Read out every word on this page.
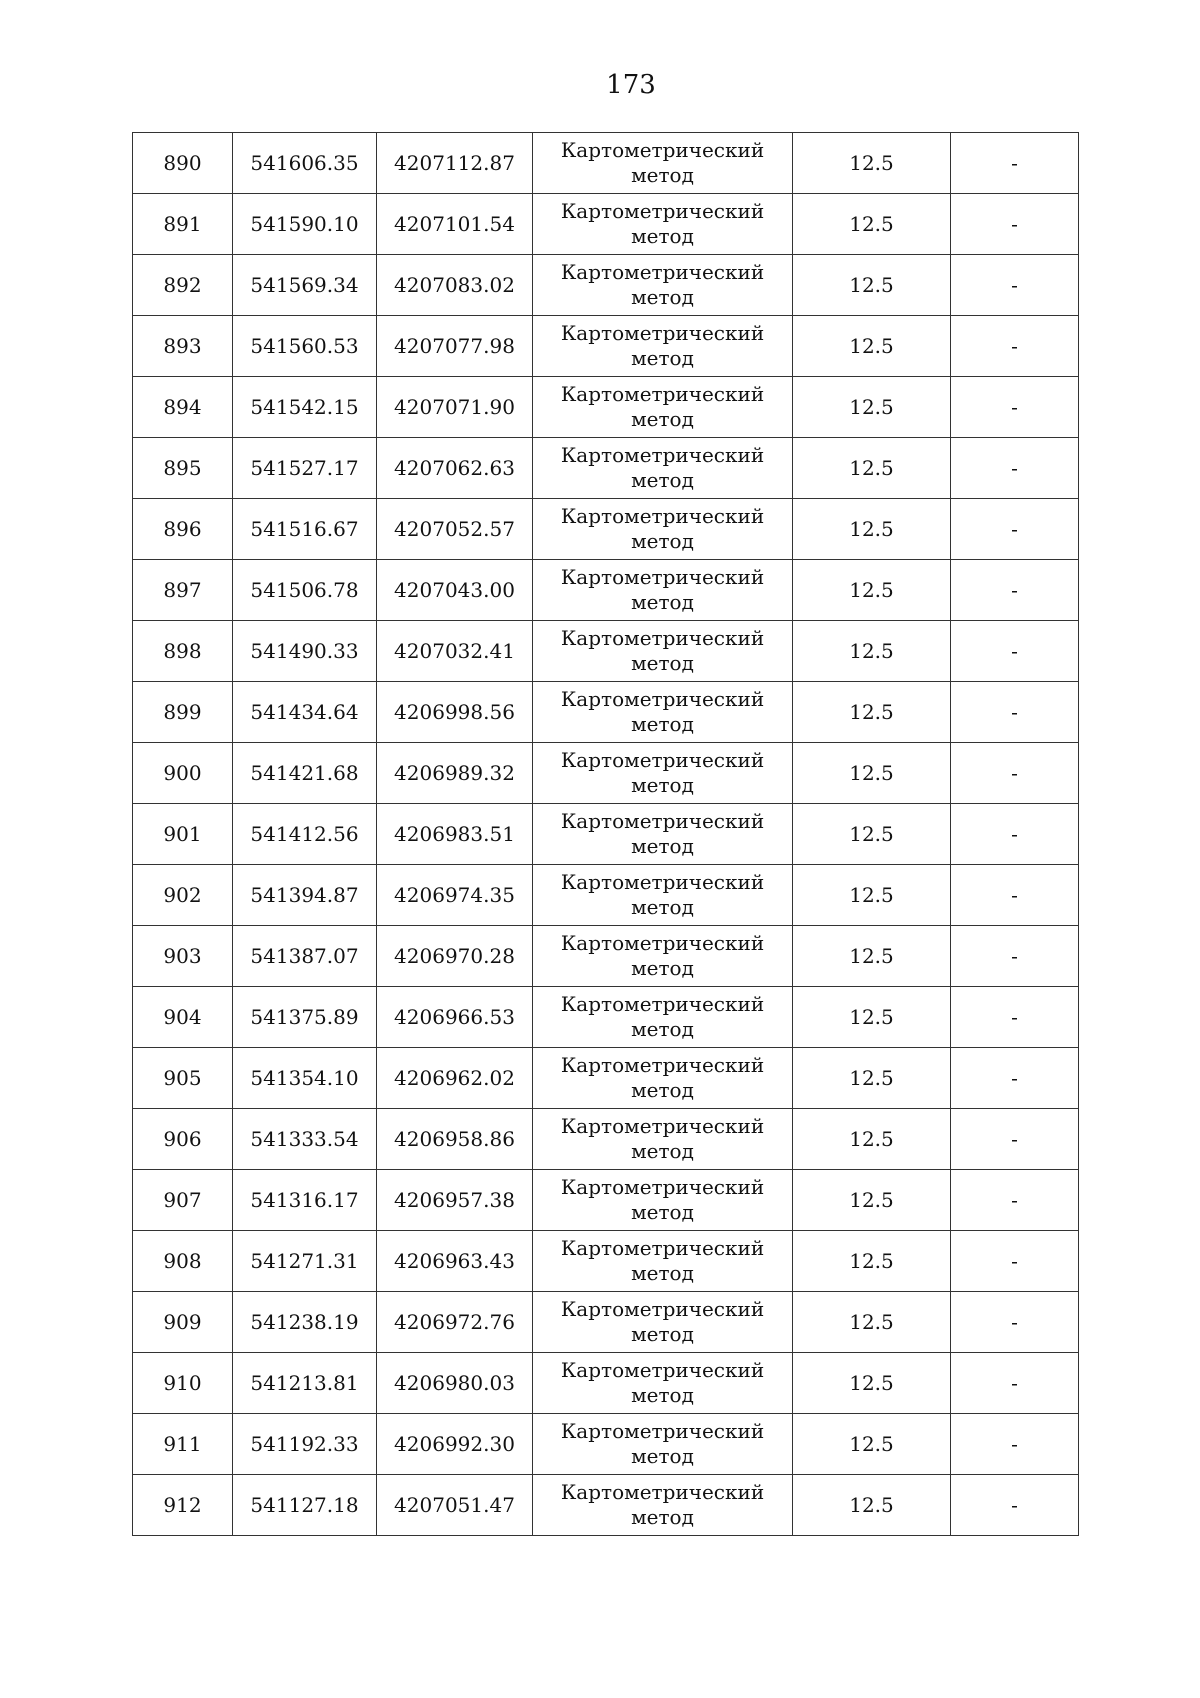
173
890	541606.35	4207112.87	Картометрический метод	12.5	-
891	541590.10	4207101.54	Картометрический метод	12.5	-
892	541569.34	4207083.02	Картометрический метод	12.5	-
893	541560.53	4207077.98	Картометрический метод	12.5	-
894	541542.15	4207071.90	Картометрический метод	12.5	-
895	541527.17	4207062.63	Картометрический метод	12.5	-
896	541516.67	4207052.57	Картометрический метод	12.5	-
897	541506.78	4207043.00	Картометрический метод	12.5	-
898	541490.33	4207032.41	Картометрический метод	12.5	-
899	541434.64	4206998.56	Картометрический метод	12.5	-
900	541421.68	4206989.32	Картометрический метод	12.5	-
901	541412.56	4206983.51	Картометрический метод	12.5	-
902	541394.87	4206974.35	Картометрический метод	12.5	-
903	541387.07	4206970.28	Картометрический метод	12.5	-
904	541375.89	4206966.53	Картометрический метод	12.5	-
905	541354.10	4206962.02	Картометрический метод	12.5	-
906	541333.54	4206958.86	Картометрический метод	12.5	-
907	541316.17	4206957.38	Картометрический метод	12.5	-
908	541271.31	4206963.43	Картометрический метод	12.5	-
909	541238.19	4206972.76	Картометрический метод	12.5	-
910	541213.81	4206980.03	Картометрический метод	12.5	-
911	541192.33	4206992.30	Картометрический метод	12.5	-
912	541127.18	4207051.47	Картометрический метод	12.5	-
